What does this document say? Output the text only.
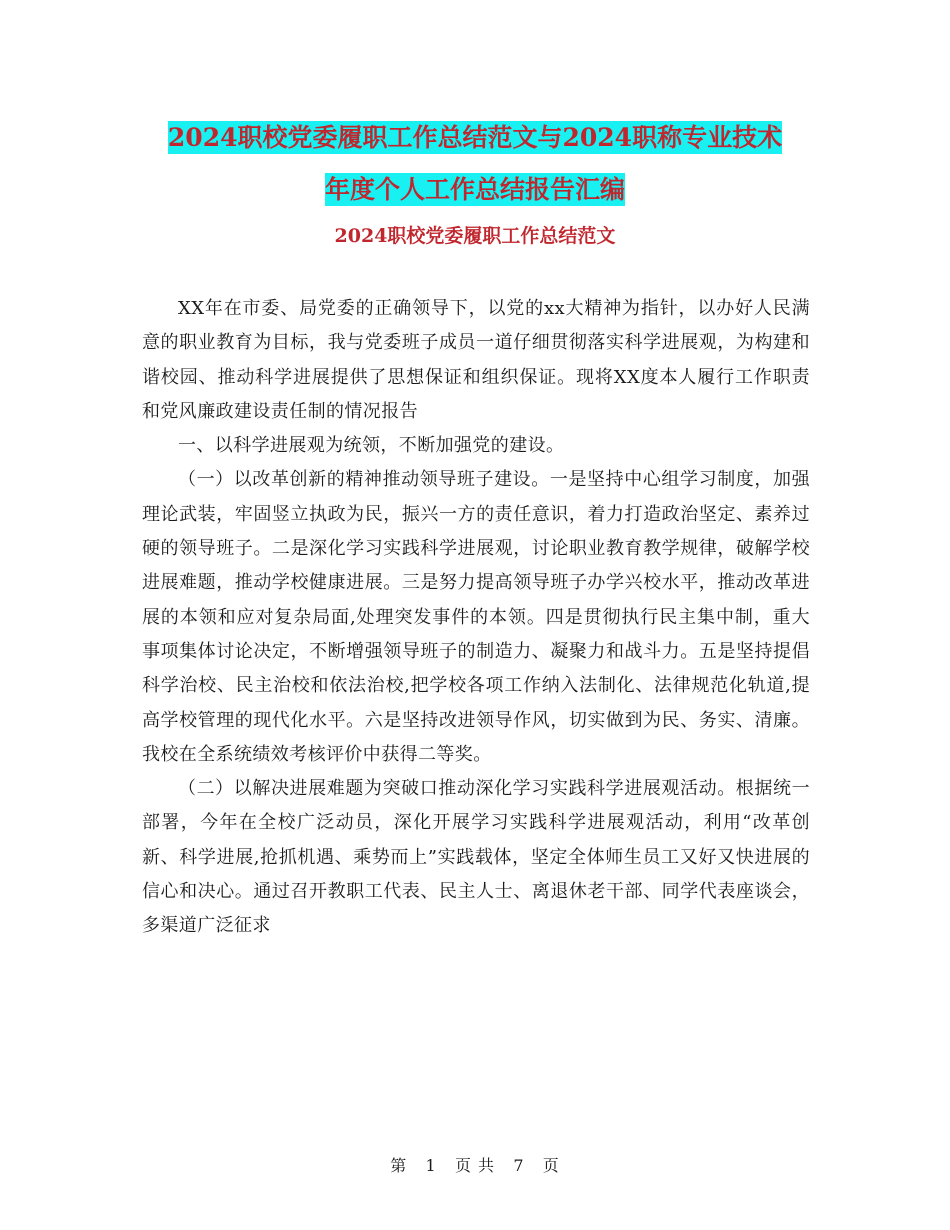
2024职校党委履职工作总结范文与2024职称专业技术
年度个人工作总结报告汇编
2024职校党委履职工作总结范文

XX年在市委、局党委的正确领导下，以党的xx大精神为指针，以办好人民满意的职业教育为目标，我与党委班子成员一道仔细贯彻落实科学进展观，为构建和谐校园、推动科学进展提供了思想保证和组织保证。现将XX度本人履行工作职责和党风廉政建设责任制的情况报告

一、以科学进展观为统领，不断加强党的建设。

（一）以改革创新的精神推动领导班子建设。一是坚持中心组学习制度，加强理论武装，牢固竖立执政为民，振兴一方的责任意识，着力打造政治坚定、素养过硬的领导班子。二是深化学习实践科学进展观，讨论职业教育教学规律，破解学校进展难题，推动学校健康进展。三是努力提高领导班子办学兴校水平，推动改革进展的本领和应对复杂局面,处理突发事件的本领。四是贯彻执行民主集中制，重大事项集体讨论决定，不断增强领导班子的制造力、凝聚力和战斗力。五是坚持提倡科学治校、民主治校和依法治校,把学校各项工作纳入法制化、法律规范化轨道,提高学校管理的现代化水平。六是坚持改进领导作风，切实做到为民、务实、清廉。我校在全系统绩效考核评价中获得二等奖。

（二）以解决进展难题为突破口推动深化学习实践科学进展观活动。根据统一部署，今年在全校广泛动员，深化开展学习实践科学进展观活动，利用“改革创新、科学进展,抢抓机遇、乘势而上”实践载体，坚定全体师生员工又好又快进展的信心和决心。通过召开教职工代表、民主人士、离退休老干部、同学代表座谈会，多渠道广泛征求

第 1 页 共 7 页
